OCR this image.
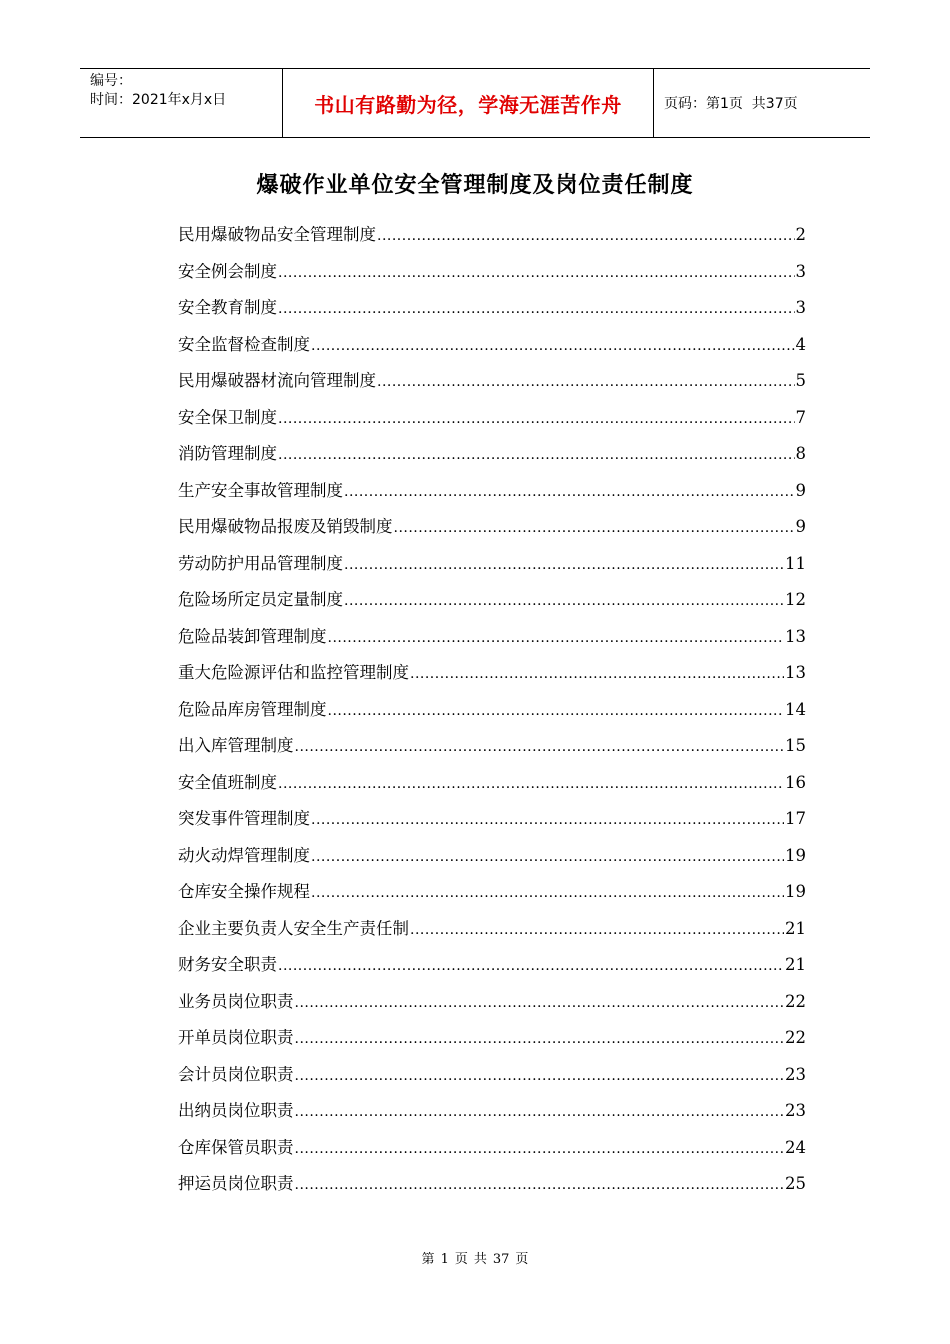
编号：
时间：2021年x月x日	书山有路勤为径，学海无涯苦作舟	页码：第1页  共37页
爆破作业单位安全管理制度及岗位责任制度
民用爆破物品安全管理制度 .....	2
安全例会制度 .....	3
安全教育制度 .....	3
安全监督检查制度 .....	4
民用爆破器材流向管理制度 .....	5
安全保卫制度 .....	7
消防管理制度 .....	8
生产安全事故管理制度 .....	9
民用爆破物品报废及销毁制度 .....	9
劳动防护用品管理制度 .....	11
危险场所定员定量制度 .....	12
危险品装卸管理制度 .....	13
重大危险源评估和监控管理制度 .....	13
危险品库房管理制度 .....	14
出入库管理制度 .....	15
安全值班制度 .....	16
突发事件管理制度 .....	17
动火动焊管理制度 .....	19
仓库安全操作规程 .....	19
企业主要负责人安全生产责任制 .....	21
财务安全职责 .....	21
业务员岗位职责 .....	22
开单员岗位职责 .....	22
会计员岗位职责 .....	23
出纳员岗位职责 .....	23
仓库保管员职责 .....	24
押运员岗位职责 .....	25
第 1 页 共 37 页
